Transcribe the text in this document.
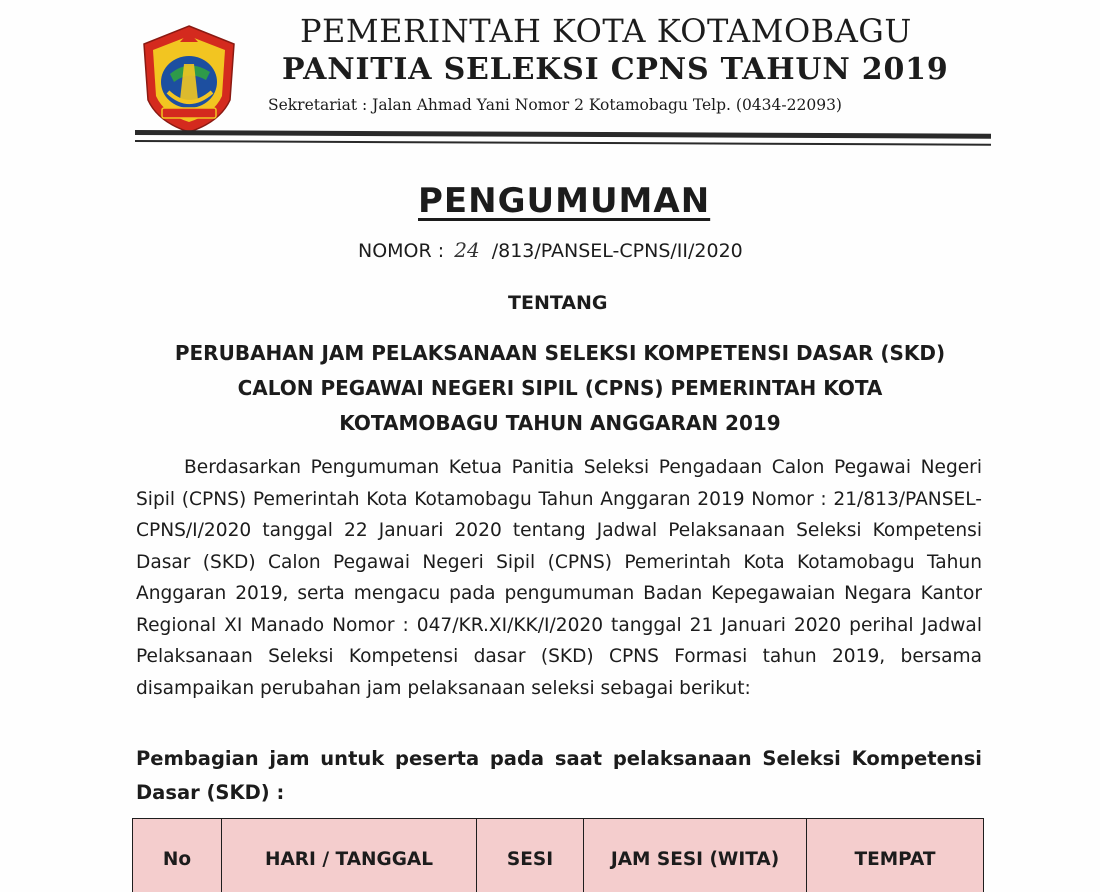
PEMERINTAH KOTA KOTAMOBAGU
PANITIA SELEKSI CPNS TAHUN 2019
Sekretariat : Jalan Ahmad Yani Nomor 2 Kotamobagu Telp. (0434-22093)
PENGUMUMAN
NOMOR : 24 /813/PANSEL-CPNS/II/2020
TENTANG
PERUBAHAN JAM PELAKSANAAN SELEKSI KOMPETENSI DASAR (SKD)
CALON PEGAWAI NEGERI SIPIL (CPNS) PEMERINTAH KOTA
KOTAMOBAGU TAHUN ANGGARAN 2019
Berdasarkan Pengumuman Ketua Panitia Seleksi Pengadaan Calon Pegawai Negeri Sipil (CPNS) Pemerintah Kota Kotamobagu Tahun Anggaran 2019 Nomor : 21/813/PANSEL-CPNS/I/2020 tanggal 22 Januari 2020 tentang Jadwal Pelaksanaan Seleksi Kompetensi Dasar (SKD) Calon Pegawai Negeri Sipil (CPNS) Pemerintah Kota Kotamobagu Tahun Anggaran 2019, serta mengacu pada pengumuman Badan Kepegawaian Negara Kantor Regional XI Manado Nomor : 047/KR.XI/KK/I/2020 tanggal 21 Januari 2020 perihal Jadwal Pelaksanaan Seleksi Kompetensi dasar (SKD) CPNS Formasi tahun 2019, bersama disampaikan perubahan jam pelaksanaan seleksi sebagai berikut:
Pembagian jam untuk peserta pada saat pelaksanaan Seleksi Kompetensi Dasar (SKD) :
No	HARI / TANGGAL	SESI	JAM SESI (WITA)	TEMPAT
